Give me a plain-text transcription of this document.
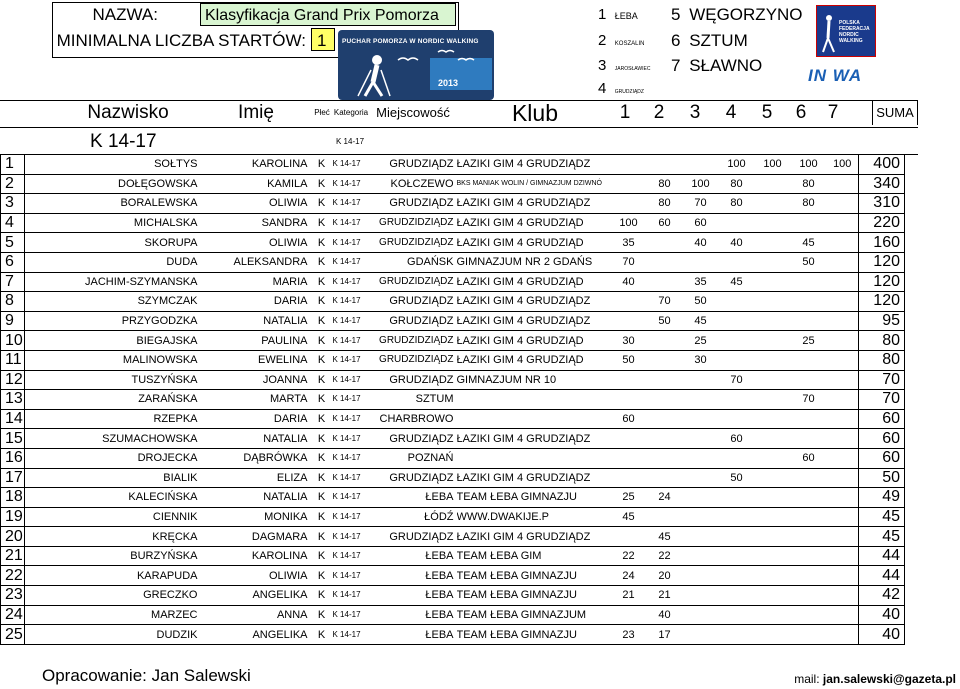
NAZWA:	Klasyfikacja Grand Prix Pomorza
MINIMALNA LICZBA STARTÓW: 1	PUCHAR POMORZA W NORDIC WALKING
2013
1 ŁEBA
2 KOSZALIN
3 JAROSŁAWIEC
4 GRUDZIĄDZ
5 WĘGORZYNO
6 SZTUM
7 SŁAWNO
POLSKA FEDERACJA NORDIC WALKING
IN WA
Nazwisko	Imię	Płeć Kategoria Miejscowość	Klub	1	2	3	4	5	6	7	SUMA
K 14-17	K 14-17
1	SOŁTYS	KAROLINA	K	K 14-17	GRUDZIĄDZ	ŁAZIKI GIM 4 GRUDZIĄDZ				100	100	100	100	400
2	DOŁĘGOWSKA	KAMILA	K	K 14-17	KOŁCZEWO	BKS MANIAK WOLIN / GIMNAZJUM DZIWNÓ		80	100	80		80		340
3	BORALEWSKA	OLIWIA	K	K 14-17	GRUDZIĄDZ	ŁAZIKI GIM 4 GRUDZIĄDZ		80	70	80		80		310
4	MICHALSKA	SANDRA	K	K 14-17	GRUDZIDZIĄDZ	ŁAZIKI GIM 4 GRUDZIĄD	100	60	60					220
5	SKORUPA	OLIWIA	K	K 14-17	GRUDZIDZIĄDZ	ŁAZIKI GIM 4 GRUDZIĄD	35		40	40		45		160
6	DUDA	ALEKSANDRA	K	K 14-17	GDAŃSK	GIMNAZJUM NR 2 GDAŃS	70					50		120
7	JACHIM-SZYMANSKA	MARIA	K	K 14-17	GRUDZIDZIĄDZ	ŁAZIKI GIM 4 GRUDZIĄD	40		35	45				120
8	SZYMCZAK	DARIA	K	K 14-17	GRUDZIĄDZ	ŁAZIKI GIM 4 GRUDZIĄDZ		70	50					120
9	PRZYGODZKA	NATALIA	K	K 14-17	GRUDZIĄDZ	ŁAZIKI GIM 4 GRUDZIĄDZ		50	45					95
10	BIEGAJSKA	PAULINA	K	K 14-17	GRUDZIDZIĄDZ	ŁAZIKI GIM 4 GRUDZIĄD	30		25			25		80
11	MALINOWSKA	EWELINA	K	K 14-17	GRUDZIDZIĄDZ	ŁAZIKI GIM 4 GRUDZIĄD	50		30					80
12	TUSZYŃSKA	JOANNA	K	K 14-17	GRUDZIĄDZ	GIMNAZJUM NR 10				70				70
13	ZARAŃSKA	MARTA	K	K 14-17	SZTUM							70		70
14	RZEPKA	DARIA	K	K 14-17	CHARBROWO		60							60
15	SZUMACHOWSKA	NATALIA	K	K 14-17	GRUDZIĄDZ	ŁAZIKI GIM 4 GRUDZIĄDZ				60				60
16	DROJECKA	DĄBRÓWKA	K	K 14-17	POZNAŃ							60		60
17	BIALIK	ELIZA	K	K 14-17	GRUDZIĄDZ	ŁAZIKI GIM 4 GRUDZIĄDZ				50				50
18	KALECIŃSKA	NATALIA	K	K 14-17	ŁEBA	TEAM ŁEBA GIMNAZJU	25	24						49
19	CIENNIK	MONIKA	K	K 14-17	ŁÓDŹ	WWW.DWAKIJE.P	45							45
20	KRĘCKA	DAGMARA	K	K 14-17	GRUDZIĄDZ	ŁAZIKI GIM 4 GRUDZIĄDZ		45						45
21	BURZYŃSKA	KAROLINA	K	K 14-17	ŁEBA	TEAM ŁEBA GIM	22	22						44
22	KARAPUDA	OLIWIA	K	K 14-17	ŁEBA	TEAM ŁEBA GIMNAZJU	24	20						44
23	GRECZKO	ANGELIKA	K	K 14-17	ŁEBA	TEAM ŁEBA GIMNAZJU	21	21						42
24	MARZEC	ANNA	K	K 14-17	ŁEBA	TEAM ŁEBA GIMNAZJUM		40						40
25	DUDZIK	ANGELIKA	K	K 14-17	ŁEBA	TEAM ŁEBA GIMNAZJU	23	17						40
Opracowanie: Jan Salewski	mail: jan.salewski@gazeta.pl
